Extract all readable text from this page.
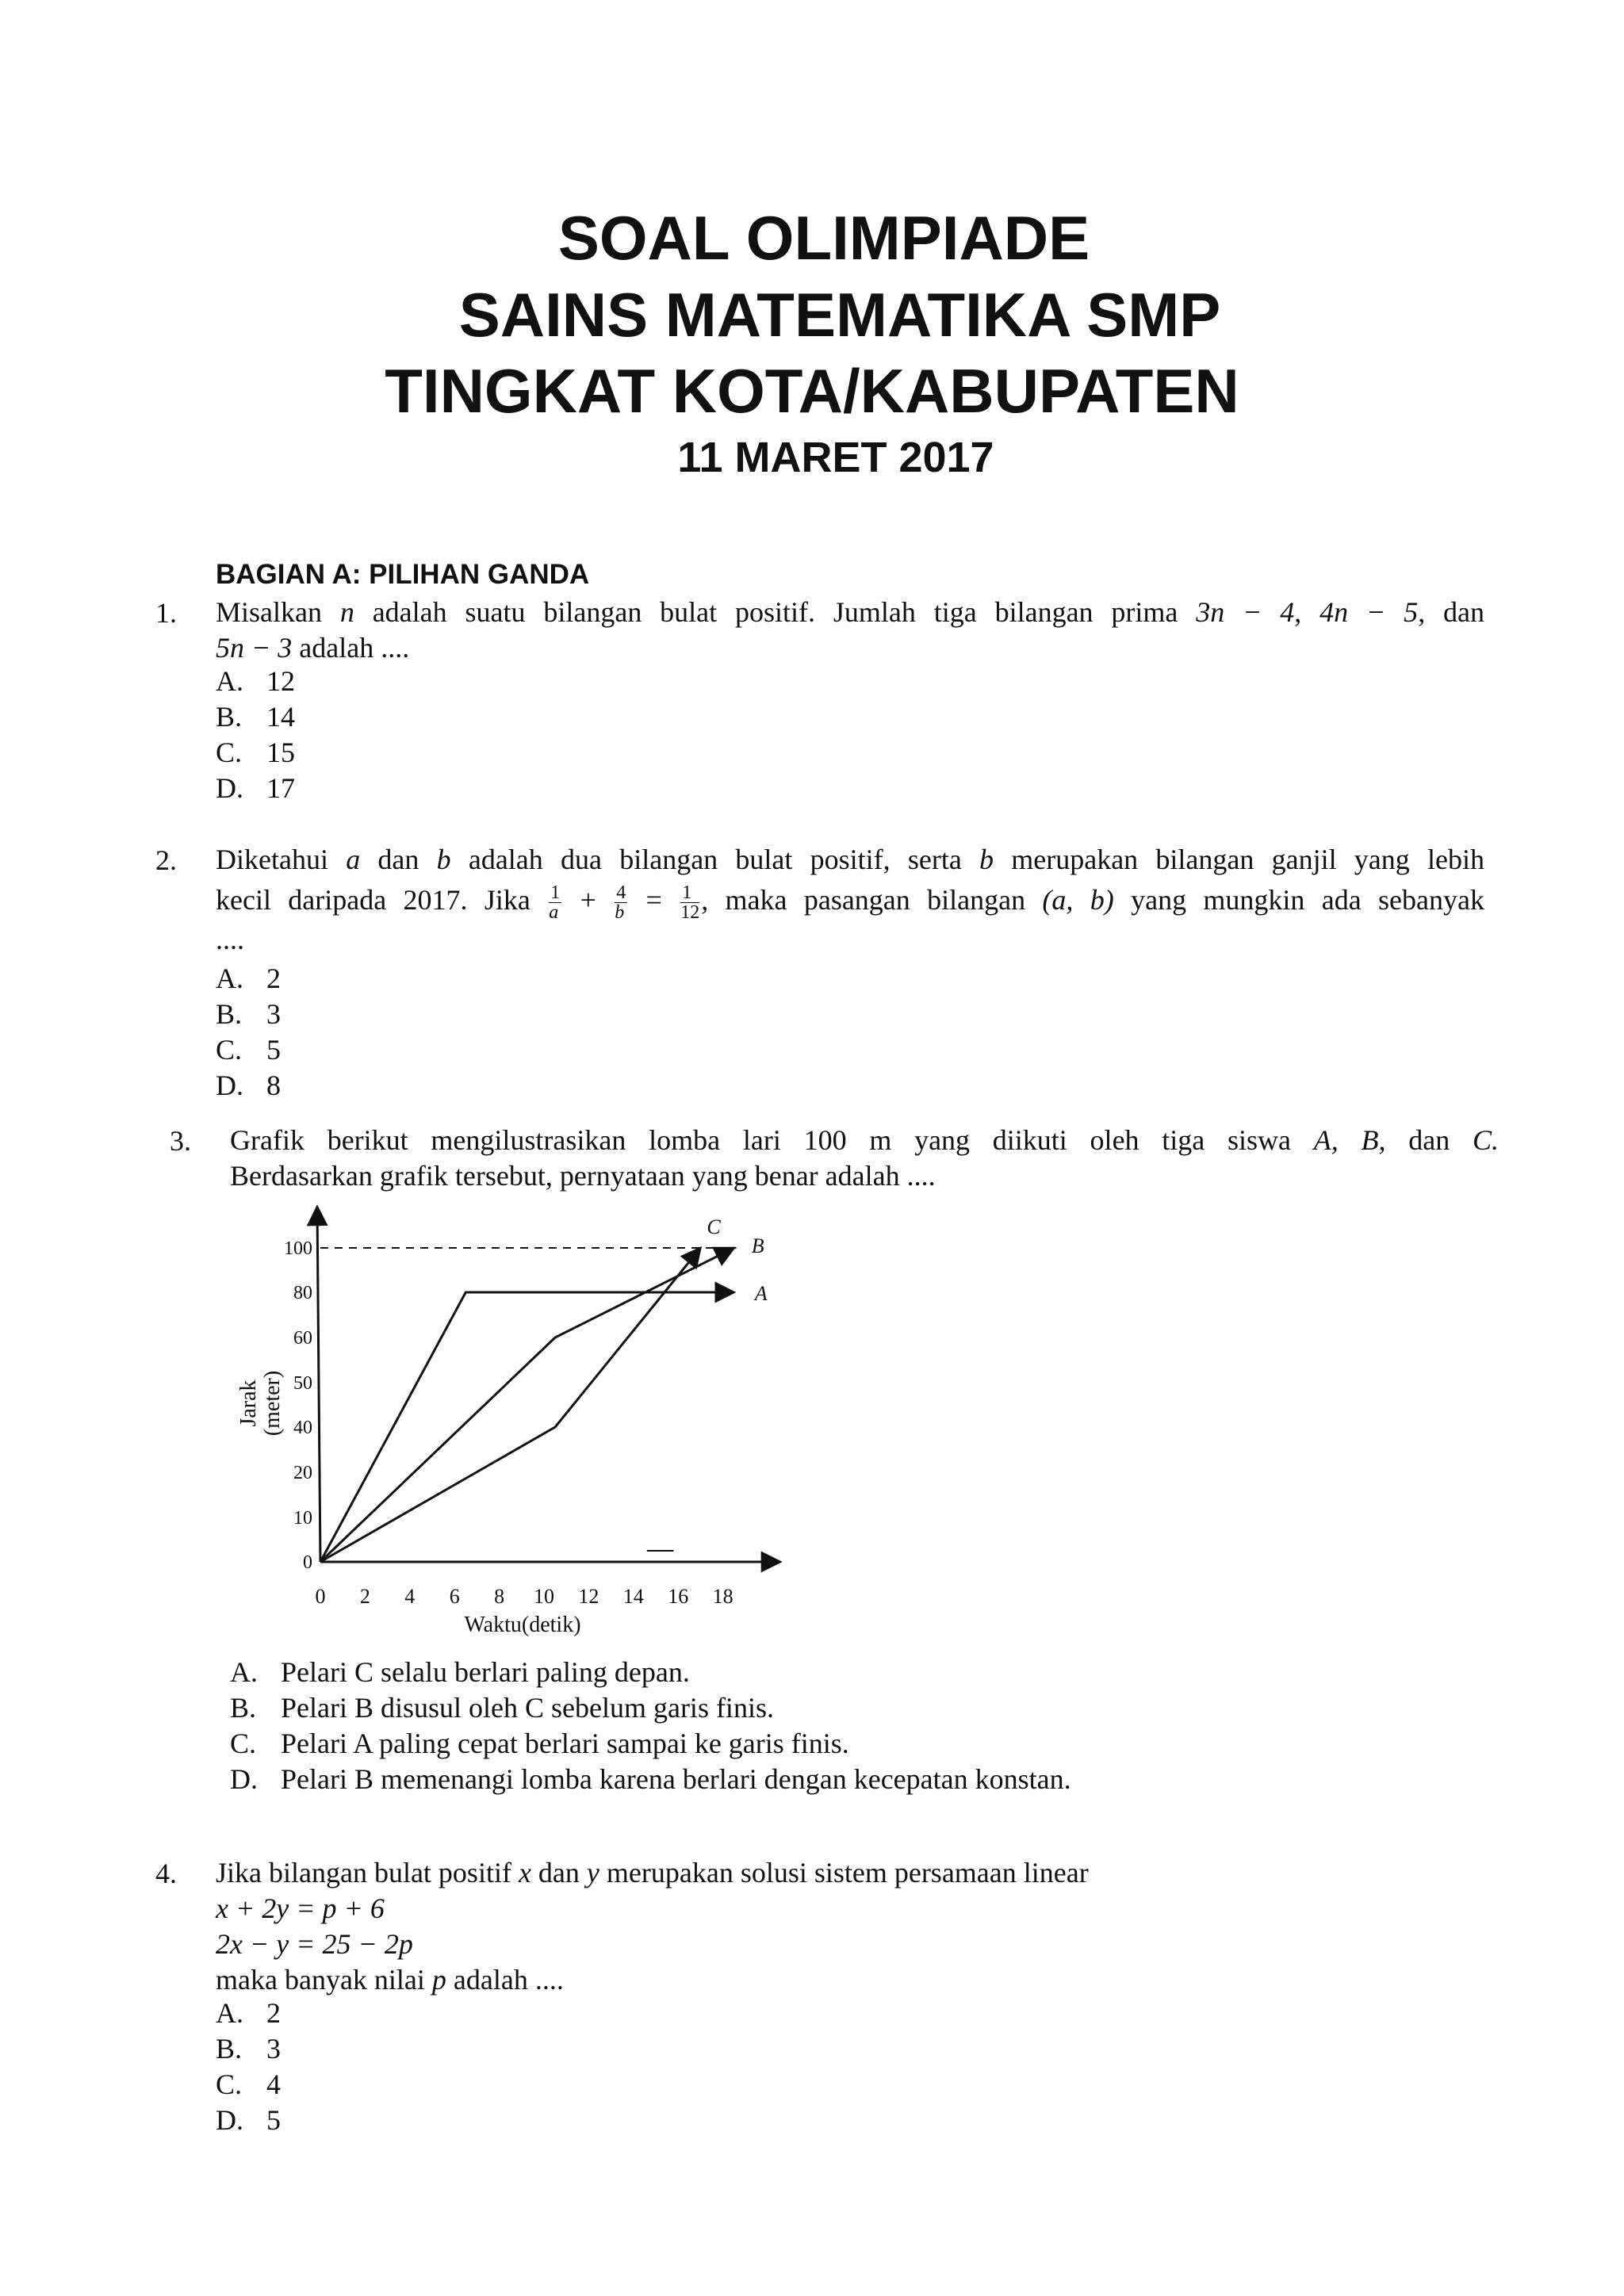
SOAL OLIMPIADE
SAINS MATEMATIKA SMP
TINGKAT KOTA/KABUPATEN
11 MARET 2017
BAGIAN A: PILIHAN GANDA
1. Misalkan n adalah suatu bilangan bulat positif. Jumlah tiga bilangan prima 3n − 4, 4n − 5, dan
5n − 3 adalah ....
A. 12
B. 14
C. 15
D. 17
2. Diketahui a dan b adalah dua bilangan bulat positif, serta b merupakan bilangan ganjil yang lebih
kecil daripada 2017. Jika $\frac{1}{a} + \frac{4}{b} = \frac{1}{12}$ , maka pasangan bilangan (a, b) yang mungkin ada sebanyak
....
A. 2
B. 3
C. 5
D. 8
3. Grafik berikut mengilustrasikan lomba lari 100 m yang diikuti oleh tiga siswa A, B, dan C.
Berdasarkan grafik tersebut, pernyataan yang benar adalah ....
0 2 4 6 8 10 12 14 16 18
0
10
20
40
50
60
80
100
Waktu(detik)
Jarak (meter)
A
B
C
A. Pelari C selalu berlari paling depan.
B. Pelari B disusul oleh C sebelum garis finis.
C. Pelari A paling cepat berlari sampai ke garis finis.
D. Pelari B memenangi lomba karena berlari dengan kecepatan konstan.
4. Jika bilangan bulat positif x dan y merupakan solusi sistem persamaan linear
x + 2y = p + 6
2x − y = 25 − 2p
maka banyak nilai p adalah ....
A. 2
B. 3
C. 4
D. 5
